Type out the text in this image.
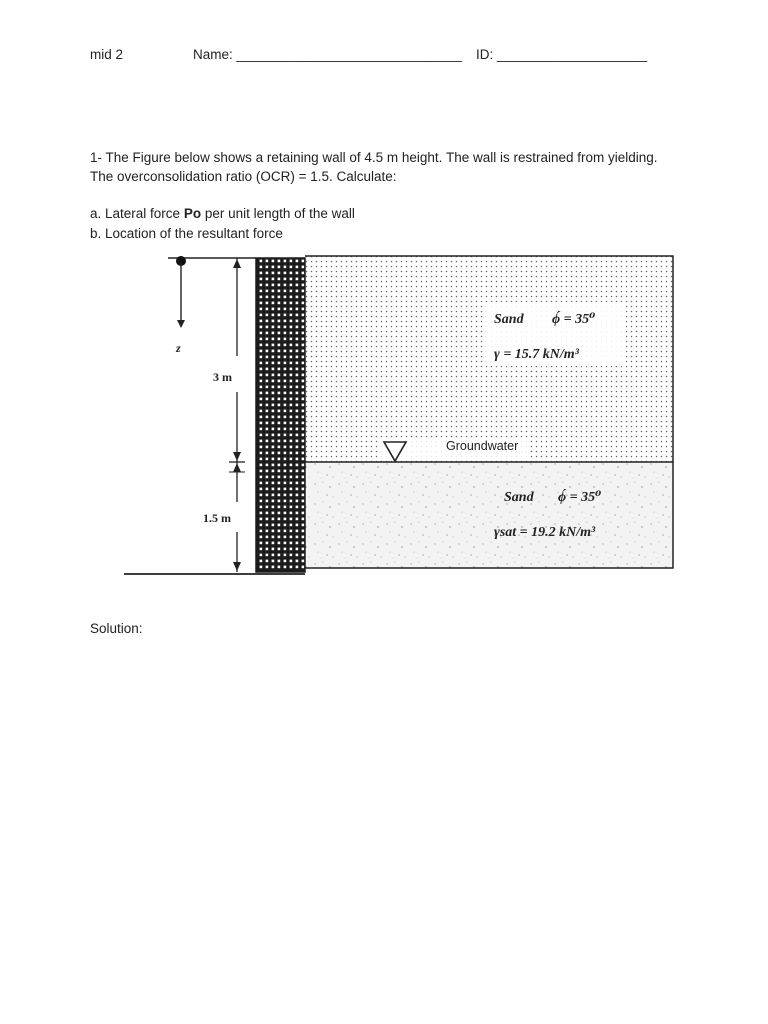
mid 2	Name: ______________________________ ID: ____________________
1- The Figure below shows a retaining wall of 4.5 m height. The wall is restrained from yielding.
The overconsolidation ratio (OCR) = 1.5. Calculate:
a. Lateral force Po per unit length of the wall
b. Location of the resultant force
z
3 m
1.5 m
Groundwater
Sand ϕ́ = 35⁰
γ = 15.7 kN/m³
Sand ϕ́ = 35⁰
γsat = 19.2 kN/m³
Solution:
